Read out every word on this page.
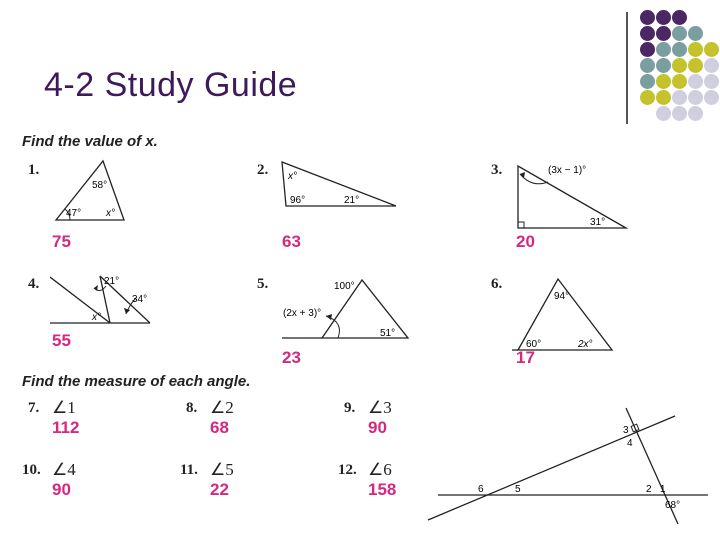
4-2 Study Guide
Find the value of x.
1.	2.	3.
4.	5.	6.
58°
47° x°
x°
96°	21°
(3x − 1)°
31°
21°
34°
x°
100°
(2x + 3)°
51°
94°
60°	2x°
75	63	20
55
23	17
Find the measure of each angle.
7. ∠1
112
8. ∠2
68
9. ∠3
90
10. ∠4
90
11. ∠5
22
12. ∠6
158
3
4
6	5	2 1
68°
